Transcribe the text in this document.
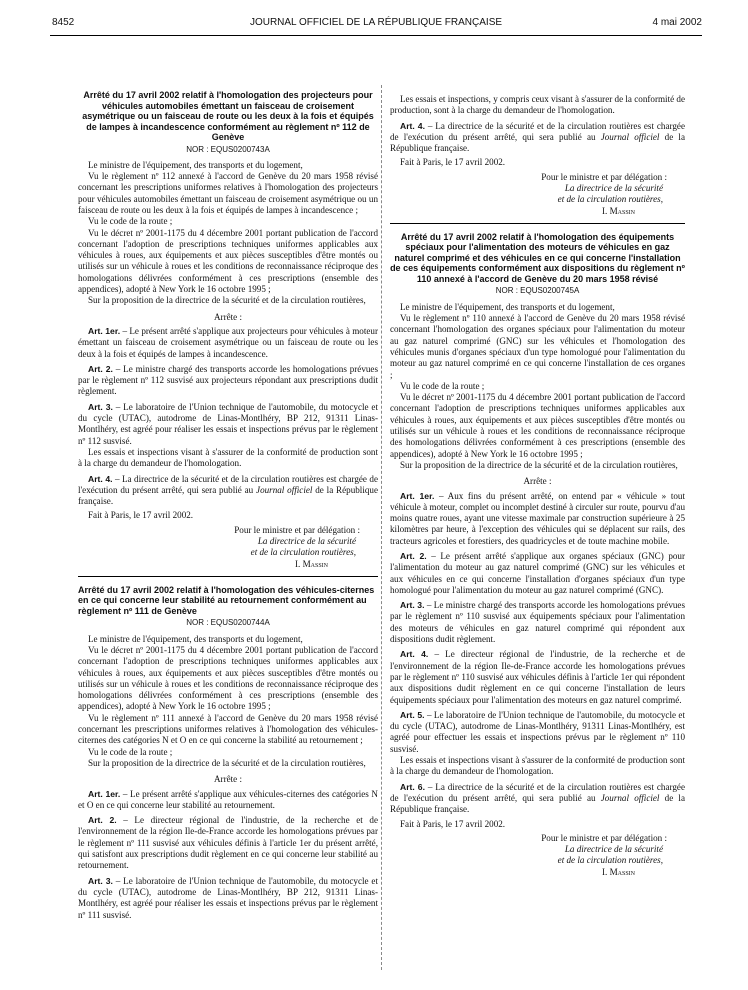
8452	JOURNAL OFFICIEL DE LA RÉPUBLIQUE FRANÇAISE	4 mai 2002
Arrêté du 17 avril 2002 relatif à l'homologation des projecteurs pour véhicules automobiles émettant un faisceau de croisement asymétrique ou un faisceau de route ou les deux à la fois et équipés de lampes à incandescence conformément au règlement nº 112 de Genève
NOR : EQUS0200743A

Le ministre de l'équipement, des transports et du logement,

Vu le règlement nº 112 annexé à l'accord de Genève du 20 mars 1958 révisé concernant les prescriptions uniformes relatives à l'homologation des projecteurs pour véhicules automobiles émettant un faisceau de croisement asymétrique ou un faisceau de route ou les deux à la fois et équipés de lampes à incandescence ;

Vu le code de la route ;

Vu le décret nº 2001-1175 du 4 décembre 2001 portant publication de l'accord concernant l'adoption de prescriptions techniques uniformes applicables aux véhicules à roues, aux équipements et aux pièces susceptibles d'être montés ou utilisés sur un véhicule à roues et les conditions de reconnaissance réciproque des homologations délivrées conformément à ces prescriptions (ensemble des appendices), adopté à New York le 16 octobre 1995 ;

Sur la proposition de la directrice de la sécurité et de la circulation routières,

Arrête :

Art. 1er. – Le présent arrêté s'applique aux projecteurs pour véhicules à moteur émettant un faisceau de croisement asymétrique ou un faisceau de route ou les deux à la fois et équipés de lampes à incandescence.

Art. 2. – Le ministre chargé des transports accorde les homologations prévues par le règlement nº 112 susvisé aux projecteurs répondant aux prescriptions dudit règlement.

Art. 3. – Le laboratoire de l'Union technique de l'automobile, du motocycle et du cycle (UTAC), autodrome de Linas-Montlhéry, BP 212, 91311 Linas-Montlhéry, est agréé pour réaliser les essais et inspections prévus par le règlement nº 112 susvisé.

Les essais et inspections visant à s'assurer de la conformité de production sont à la charge du demandeur de l'homologation.

Art. 4. – La directrice de la sécurité et de la circulation routières est chargée de l'exécution du présent arrêté, qui sera publié au Journal officiel de la République française.

Fait à Paris, le 17 avril 2002.

Pour le ministre et par délégation :
La directrice de la sécurité
et de la circulation routières,
I. Massin
Arrêté du 17 avril 2002 relatif à l'homologation des véhicules-citernes en ce qui concerne leur stabilité au retournement conformément au règlement nº 111 de Genève
NOR : EQUS0200744A

Le ministre de l'équipement, des transports et du logement,

Vu le décret nº 2001-1175 du 4 décembre 2001 portant publication de l'accord concernant l'adoption de prescriptions techniques uniformes applicables aux véhicules à roues, aux équipements et aux pièces susceptibles d'être montés ou utilisés sur un véhicule à roues et les conditions de reconnaissance réciproque des homologations délivrées conformément à ces prescriptions (ensemble des appendices), adopté à New York le 16 octobre 1995 ;

Vu le règlement nº 111 annexé à l'accord de Genève du 20 mars 1958 révisé concernant les prescriptions uniformes relatives à l'homologation des véhicules-citernes des catégories N et O en ce qui concerne la stabilité au retournement ;

Vu le code de la route ;

Sur la proposition de la directrice de la sécurité et de la circulation routières,

Arrête :

Art. 1er. – Le présent arrêté s'applique aux véhicules-citernes des catégories N et O en ce qui concerne leur stabilité au retournement.

Art. 2. – Le directeur régional de l'industrie, de la recherche et de l'environnement de la région Ile-de-France accorde les homologations prévues par le règlement nº 111 susvisé aux véhicules définis à l'article 1er du présent arrêté, qui satisfont aux prescriptions dudit règlement en ce qui concerne leur stabilité au retournement.

Art. 3. – Le laboratoire de l'Union technique de l'automobile, du motocycle et du cycle (UTAC), autodrome de Linas-Montlhéry, BP 212, 91311 Linas-Montlhéry, est agréé pour réaliser les essais et inspections prévus par le règlement nº 111 susvisé.

Les essais et inspections, y compris ceux visant à s'assurer de la conformité de production, sont à la charge du demandeur de l'homologation.

Art. 4. – La directrice de la sécurité et de la circulation routières est chargée de l'exécution du présent arrêté, qui sera publié au Journal officiel de la République française.

Fait à Paris, le 17 avril 2002.

Pour le ministre et par délégation :
La directrice de la sécurité
et de la circulation routières,
I. Massin
Arrêté du 17 avril 2002 relatif à l'homologation des équipements spéciaux pour l'alimentation des moteurs de véhicules en gaz naturel comprimé et des véhicules en ce qui concerne l'installation de ces équipements conformément aux dispositions du règlement nº 110 annexé à l'accord de Genève du 20 mars 1958 révisé
NOR : EQUS0200745A

Le ministre de l'équipement, des transports et du logement,

Vu le règlement nº 110 annexé à l'accord de Genève du 20 mars 1958 révisé concernant l'homologation des organes spéciaux pour l'alimentation du moteur au gaz naturel comprimé (GNC) sur les véhicules et l'homologation des véhicules munis d'organes spéciaux d'un type homologué pour l'alimentation du moteur au gaz naturel comprimé en ce qui concerne l'installation de ces organes ;

Vu le code de la route ;

Vu le décret nº 2001-1175 du 4 décembre 2001 portant publication de l'accord concernant l'adoption de prescriptions techniques uniformes applicables aux véhicules à roues, aux équipements et aux pièces susceptibles d'être montés ou utilisés sur un véhicule à roues et les conditions de reconnaissance réciproque des homologations délivrées conformément à ces prescriptions (ensemble des appendices), adopté à New York le 16 octobre 1995 ;

Sur la proposition de la directrice de la sécurité et de la circulation routières,

Arrête :

Art. 1er. – Aux fins du présent arrêté, on entend par « véhicule » tout véhicule à moteur, complet ou incomplet destiné à circuler sur route, pourvu d'au moins quatre roues, ayant une vitesse maximale par construction supérieure à 25 kilomètres par heure, à l'exception des véhicules qui se déplacent sur rails, des tracteurs agricoles et forestiers, des quadricycles et de toute machine mobile.

Art. 2. – Le présent arrêté s'applique aux organes spéciaux (GNC) pour l'alimentation du moteur au gaz naturel comprimé (GNC) sur les véhicules et aux véhicules en ce qui concerne l'installation d'organes spéciaux d'un type homologué pour l'alimentation du moteur au gaz naturel comprimé (GNC).

Art. 3. – Le ministre chargé des transports accorde les homologations prévues par le règlement nº 110 susvisé aux équipements spéciaux pour l'alimentation des moteurs de véhicules en gaz naturel comprimé qui répondent aux dispositions dudit règlement.

Art. 4. – Le directeur régional de l'industrie, de la recherche et de l'environnement de la région Ile-de-France accorde les homologations prévues par le règlement nº 110 susvisé aux véhicules définis à l'article 1er qui répondent aux dispositions dudit règlement en ce qui concerne l'installation de leurs équipements spéciaux pour l'alimentation des moteurs en gaz naturel comprimé.

Art. 5. – Le laboratoire de l'Union technique de l'automobile, du motocycle et du cycle (UTAC), autodrome de Linas-Montlhéry, 91311 Linas-Montlhéry, est agréé pour effectuer les essais et inspections prévus par le règlement nº 110 susvisé.

Les essais et inspections visant à s'assurer de la conformité de production sont à la charge du demandeur de l'homologation.

Art. 6. – La directrice de la sécurité et de la circulation routières est chargée de l'exécution du présent arrêté, qui sera publié au Journal officiel de la République française.

Fait à Paris, le 17 avril 2002.

Pour le ministre et par délégation :
La directrice de la sécurité
et de la circulation routières,
I. Massin
